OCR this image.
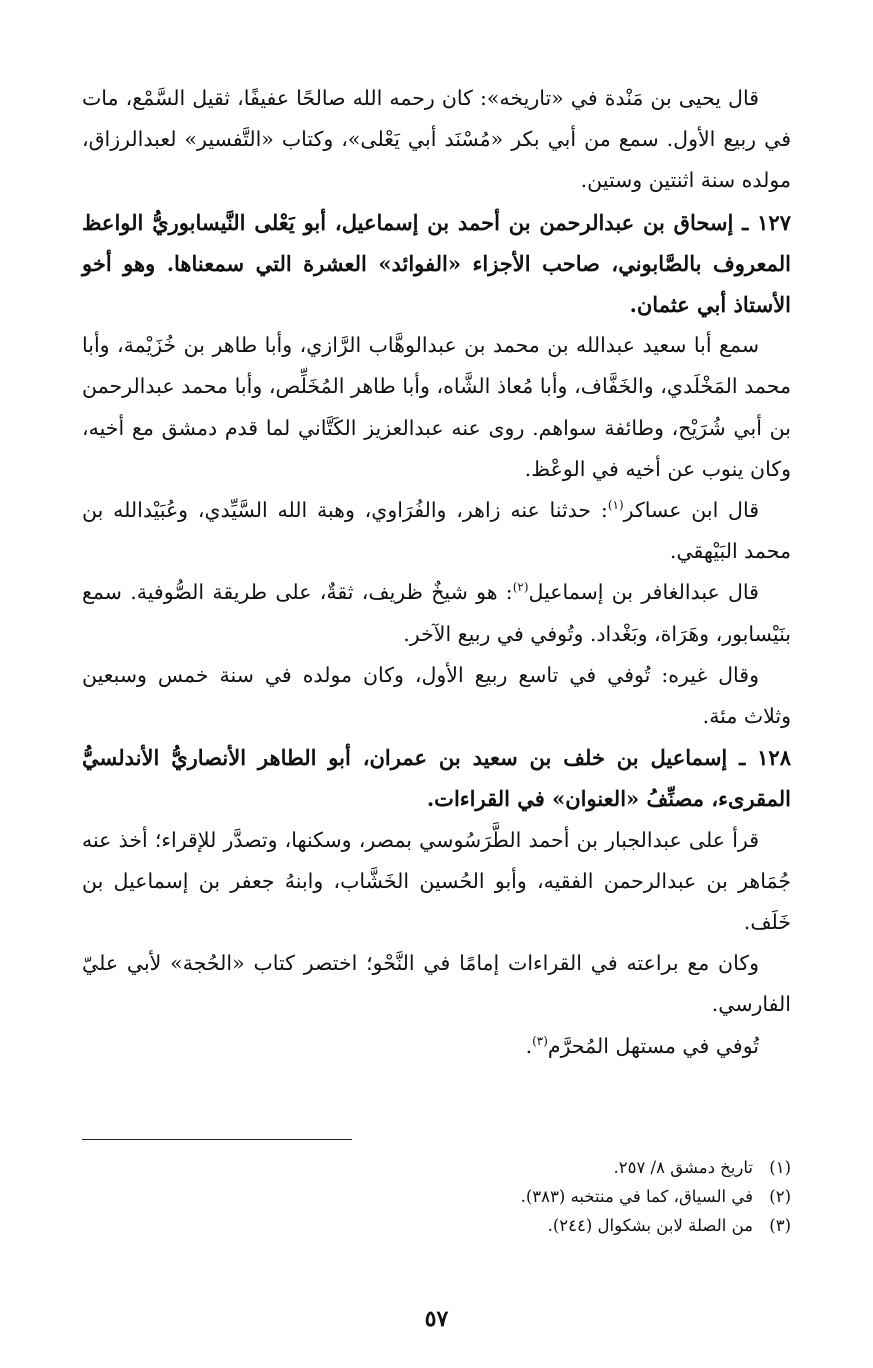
قال يحيى بن مَنْدة في «تاريخه»: كان رحمه الله صالحًا عفيفًا، ثقيل السَّمْع، مات في ربيع الأول. سمع من أبي بكر «مُسْنَد أبي يَعْلى»، وكتاب «التَّفسير» لعبدالرزاق، مولده سنة اثنتين وستين.

١٢٧ ـ إسحاق بن عبدالرحمن بن أحمد بن إسماعيل، أبو يَعْلى النَّيسابوريُّ الواعظ المعروف بالصَّابوني، صاحب الأجزاء «الفوائد» العشرة التي سمعناها. وهو أخو الأستاذ أبي عثمان.

سمع أبا سعيد عبدالله بن محمد بن عبدالوهَّاب الرَّازي، وأبا طاهر بن خُزَيْمة، وأبا محمد المَخْلَدي، والخَفَّاف، وأبا مُعاذ الشَّاه، وأبا طاهر المُخَلِّص، وأبا محمد عبدالرحمن بن أبي شُرَيْح، وطائفة سواهم. روى عنه عبدالعزيز الكَتَّاني لما قدم دمشق مع أخيه، وكان ينوب عن أخيه في الوعْظ.

قال ابن عساكر$^{(١)}$: حدثنا عنه زاهر، والفُرَاوي، وهبة الله السَّيِّدي، وعُبَيْدالله بن محمد البَيْهقي.

قال عبدالغافر بن إسماعيل$^{(٢)}$: هو شيخٌ ظريف، ثقةٌ، على طريقة الصُّوفية. سمع بنَيْسابور، وهَرَاة، وبَغْداد. وتُوفي في ربيع الآخر.

وقال غيره: تُوفي في تاسع ربيع الأول، وكان مولده في سنة خمس وسبعين وثلاث مئة.

١٢٨ ـ إسماعيل بن خلف بن سعيد بن عمران، أبو الطاهر الأنصاريُّ الأندلسيُّ المقرىء، مصنِّفُ «العنوان» في القراءات.

قرأ على عبدالجبار بن أحمد الطَّرَسُوسي بمصر، وسكنها، وتصدَّر للإقراء؛ أخذ عنه جُمَاهر بن عبدالرحمن الفقيه، وأبو الحُسين الخَشَّاب، وابنهُ جعفر بن إسماعيل بن خَلَف.

وكان مع براعته في القراءات إمامًا في النَّحْو؛ اختصر كتاب «الحُجة» لأبي عليّ الفارسي.

تُوفي في مستهل المُحرَّم$^{(٣)}$.

(١)
تاريخ دمشق ٨/ ٢٥٧.
(٢)
في السياق، كما في منتخبه (٣٨٣).
(٣)
من الصلة لابن بشكوال (٢٤٤).
٥٧
